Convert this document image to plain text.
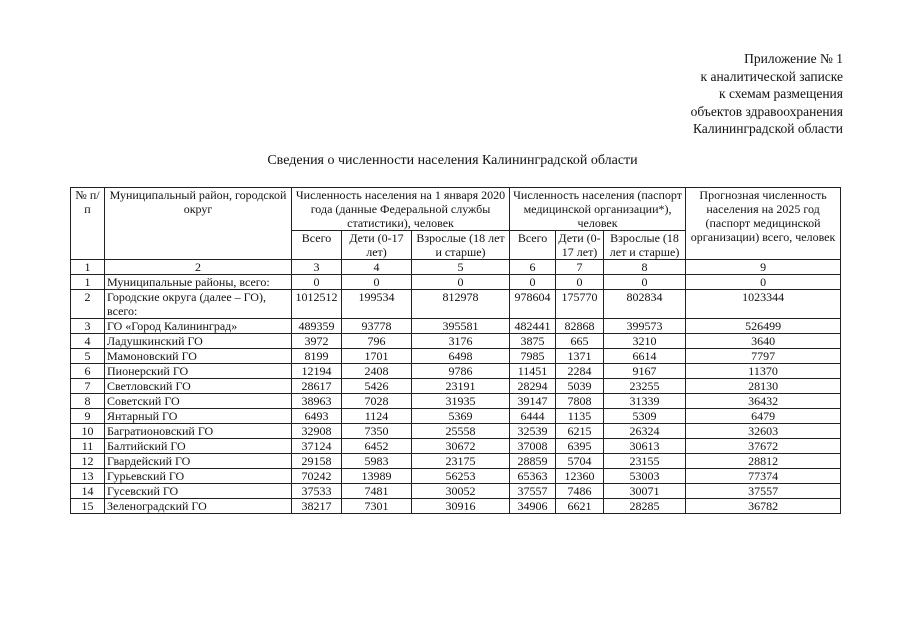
Приложение № 1
к аналитической записке
к схемам размещения
объектов здравоохранения
Калининградской области
Сведения о численности населения Калининградской области
№ п/п	Муниципальный район, городской округ	Численность населения на 1 января 2020 года (данные Федеральной службы статистики), человек			Численность населения (паспорт медицинской организации*), человек			Прогнозная численность населения на 2025 год (паспорт медицинской организации) всего, человек
		Всего	Дети (0-17 лет)	Взрослые (18 лет и старше)	Всего	Дети (0-17 лет)	Взрослые (18 лет и старше)	
1	2	3	4	5	6	7	8	9
1	Муниципальные районы, всего:	0	0	0	0	0	0	0
2	Городские округа (далее – ГО), всего:	1012512	199534	812978	978604	175770	802834	1023344
3	ГО «Город Калининград»	489359	93778	395581	482441	82868	399573	526499
4	Ладушкинский ГО	3972	796	3176	3875	665	3210	3640
5	Мамоновский ГО	8199	1701	6498	7985	1371	6614	7797
6	Пионерский ГО	12194	2408	9786	11451	2284	9167	11370
7	Светловский ГО	28617	5426	23191	28294	5039	23255	28130
8	Советский ГО	38963	7028	31935	39147	7808	31339	36432
9	Янтарный ГО	6493	1124	5369	6444	1135	5309	6479
10	Багратионовский ГО	32908	7350	25558	32539	6215	26324	32603
11	Балтийский ГО	37124	6452	30672	37008	6395	30613	37672
12	Гвардейский ГО	29158	5983	23175	28859	5704	23155	28812
13	Гурьевский ГО	70242	13989	56253	65363	12360	53003	77374
14	Гусевский ГО	37533	7481	30052	37557	7486	30071	37557
15	Зеленоградский ГО	38217	7301	30916	34906	6621	28285	36782
